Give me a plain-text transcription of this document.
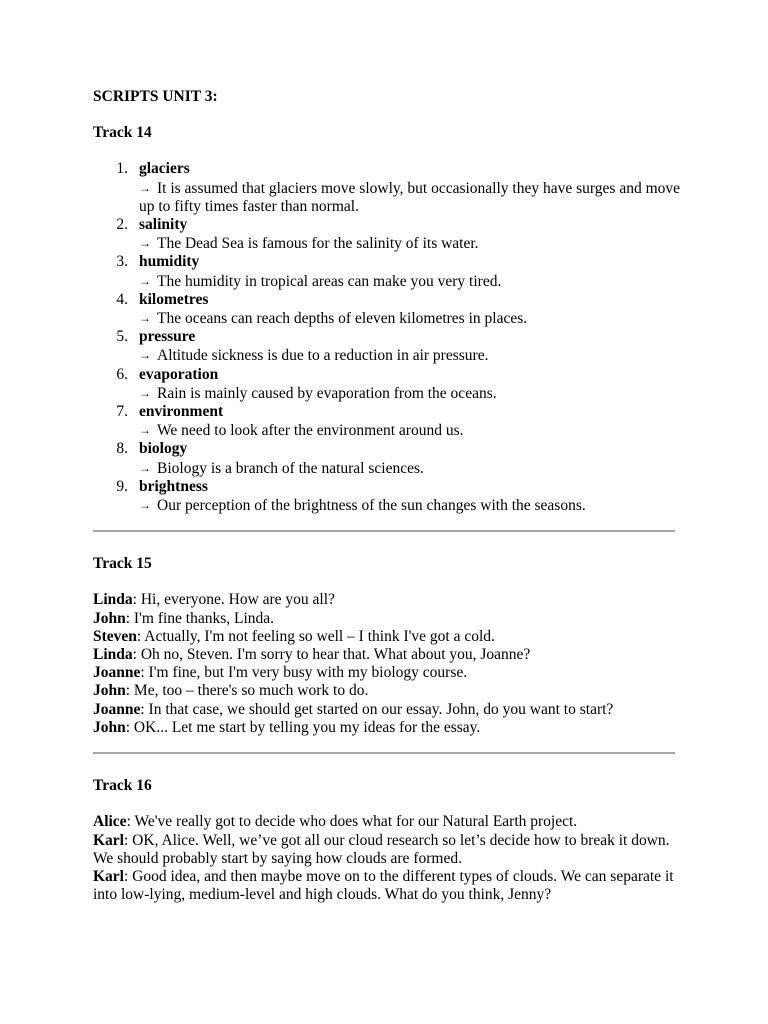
SCRIPTS UNIT 3:

Track 14

1. glaciers
→ It is assumed that glaciers move slowly, but occasionally they have surges and move up to fifty times faster than normal.
2. salinity
→ The Dead Sea is famous for the salinity of its water.
3. humidity
→ The humidity in tropical areas can make you very tired.
4. kilometres
→ The oceans can reach depths of eleven kilometres in places.
5. pressure
→ Altitude sickness is due to a reduction in air pressure.
6. evaporation
→ Rain is mainly caused by evaporation from the oceans.
7. environment
→ We need to look after the environment around us.
8. biology
→ Biology is a branch of the natural sciences.
9. brightness
→ Our perception of the brightness of the sun changes with the seasons.

Track 15

Linda: Hi, everyone. How are you all?

John: I'm fine thanks, Linda.

Steven: Actually, I'm not feeling so well – I think I've got a cold.

Linda: Oh no, Steven. I'm sorry to hear that. What about you, Joanne?

Joanne: I'm fine, but I'm very busy with my biology course.

John: Me, too – there's so much work to do.

Joanne: In that case, we should get started on our essay. John, do you want to start?

John: OK... Let me start by telling you my ideas for the essay.

Track 16

Alice: We've really got to decide who does what for our Natural Earth project.

Karl: OK, Alice. Well, we’ve got all our cloud research so let’s decide how to break it down.

We should probably start by saying how clouds are formed.

Karl: Good idea, and then maybe move on to the different types of clouds. We can separate it into low-lying, medium-level and high clouds. What do you think, Jenny?
